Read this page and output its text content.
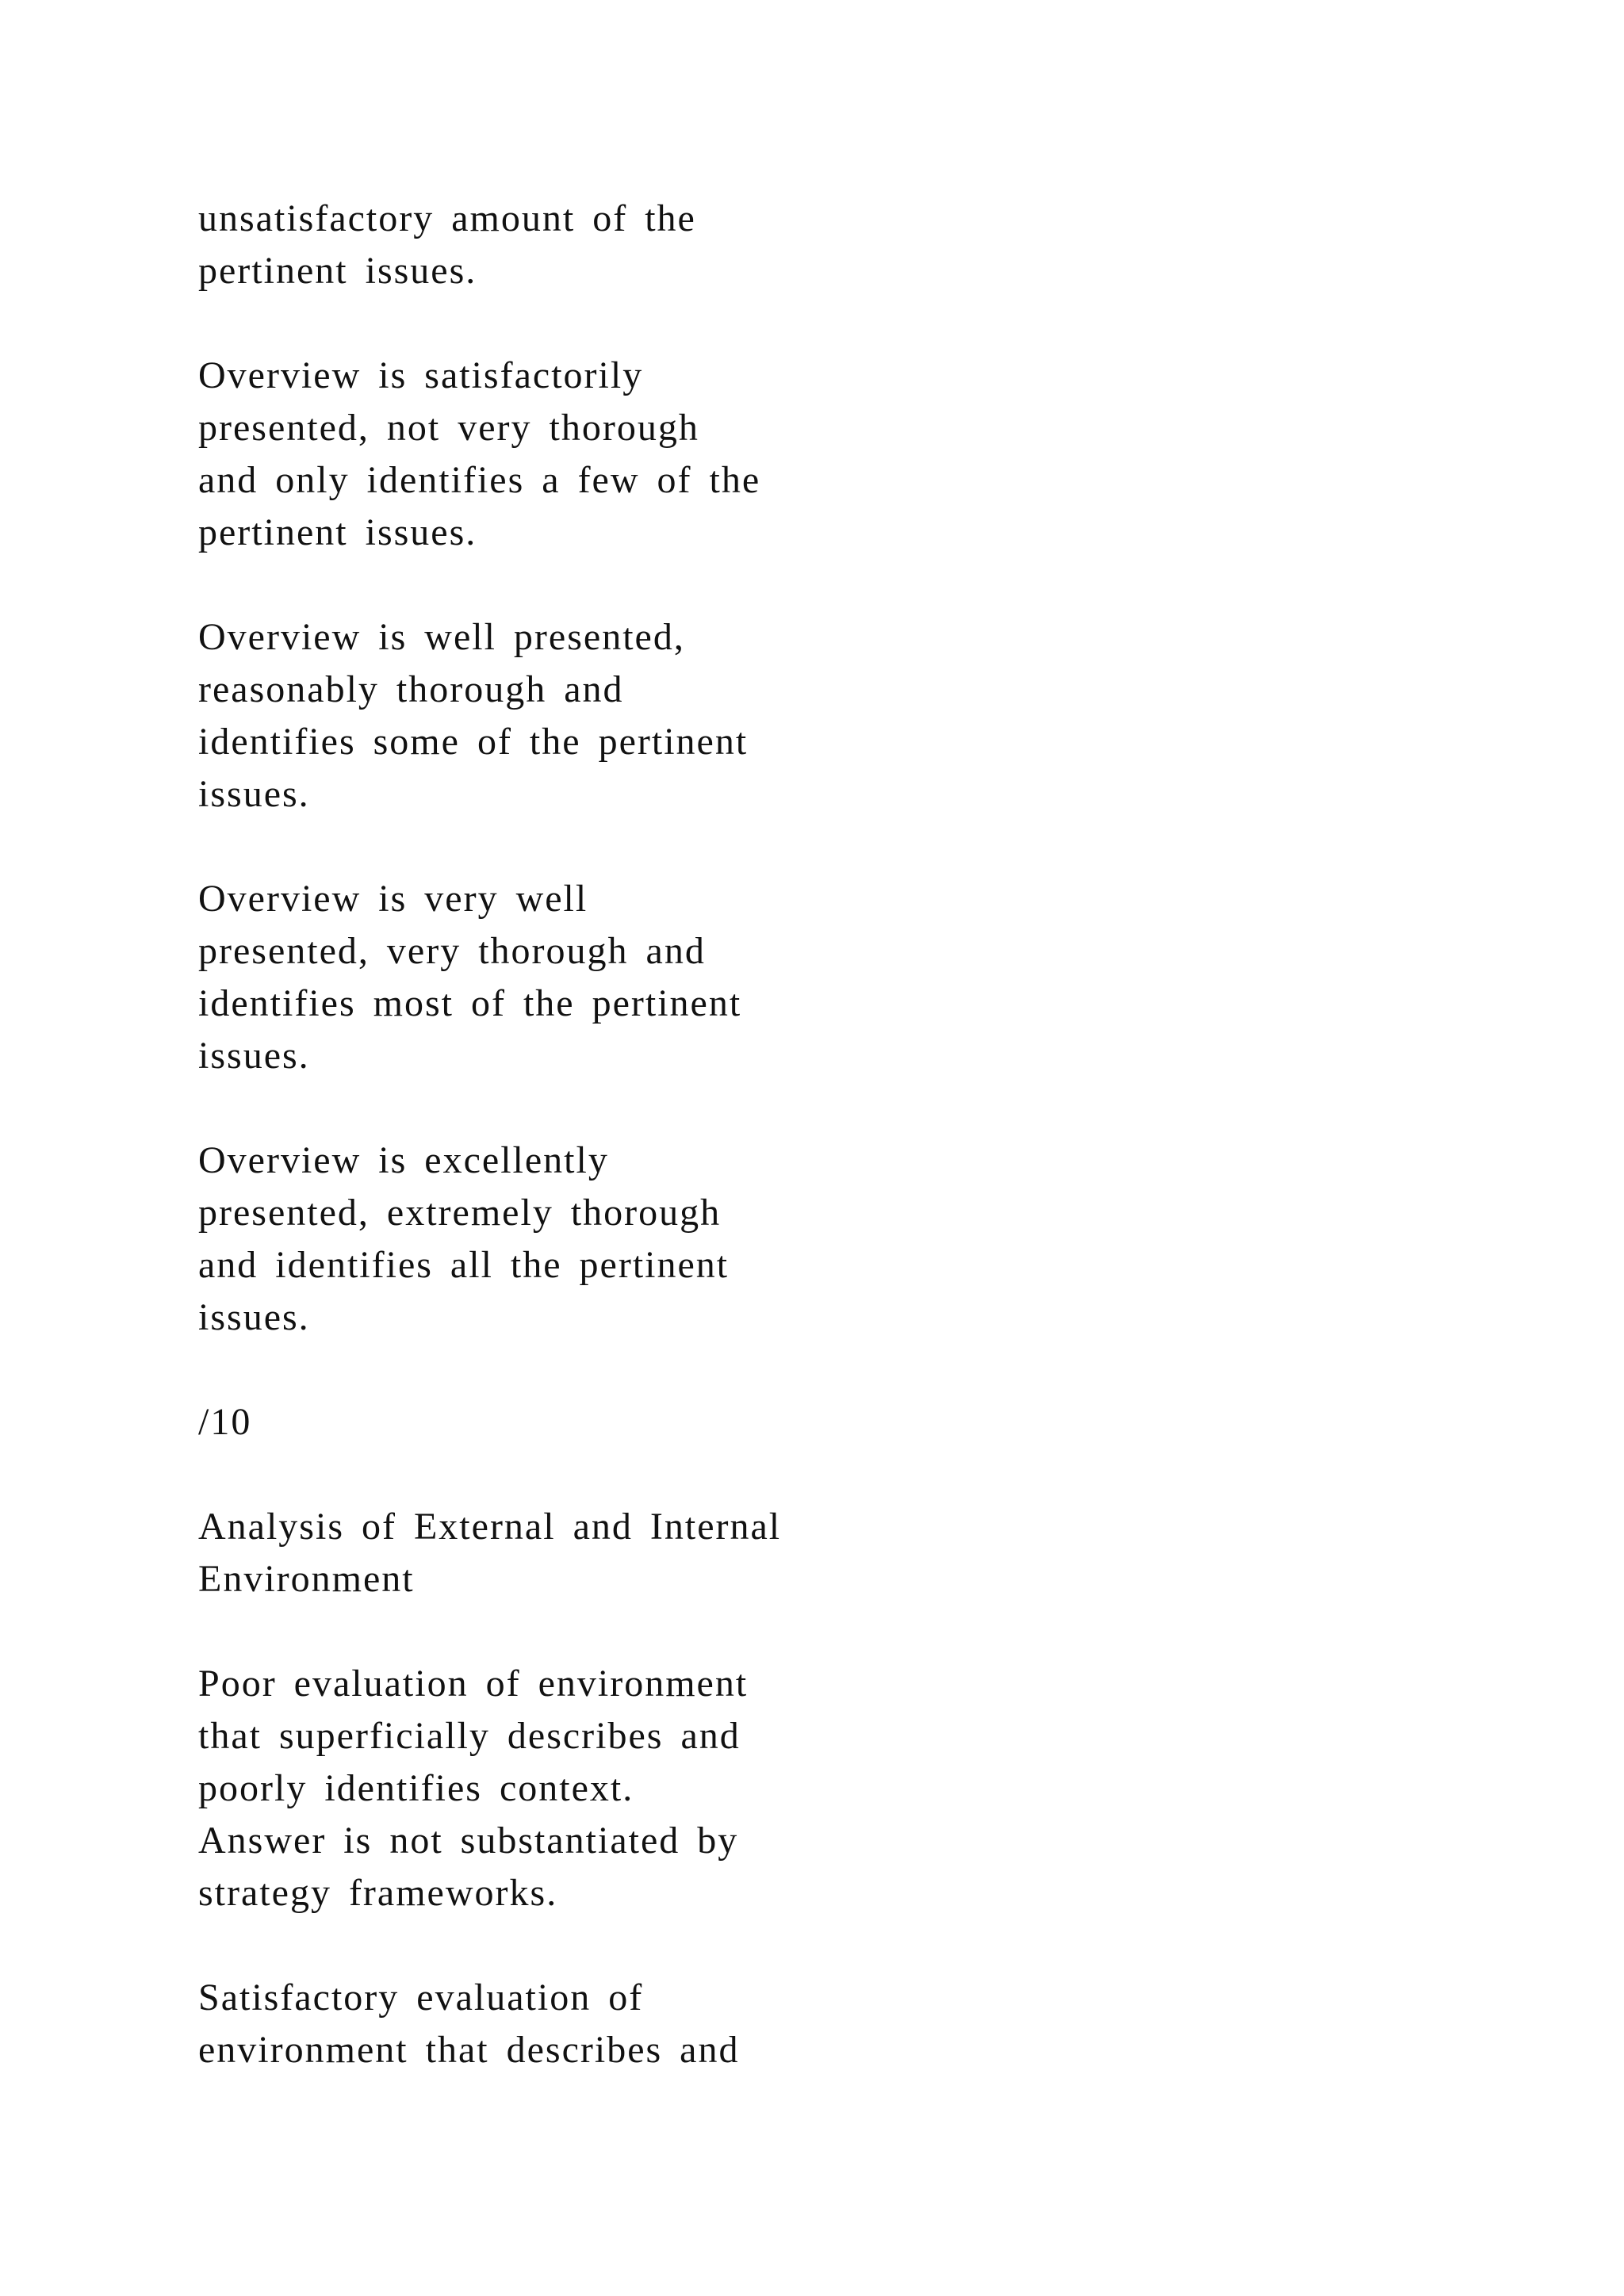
unsatisfactory amount of the
pertinent issues.

Overview is satisfactorily
presented, not very thorough
and only identifies a few of the
pertinent issues.

Overview is well presented,
reasonably thorough and
identifies some of the pertinent
issues.

Overview is very well
presented, very thorough and
identifies most of the pertinent
issues.

Overview is excellently
presented, extremely thorough
and identifies all the pertinent
issues.

/10

Analysis of External and Internal
Environment

Poor evaluation of environment
that superficially describes and
poorly identifies context.
Answer is not substantiated by
strategy frameworks.

Satisfactory evaluation of
environment that describes and
